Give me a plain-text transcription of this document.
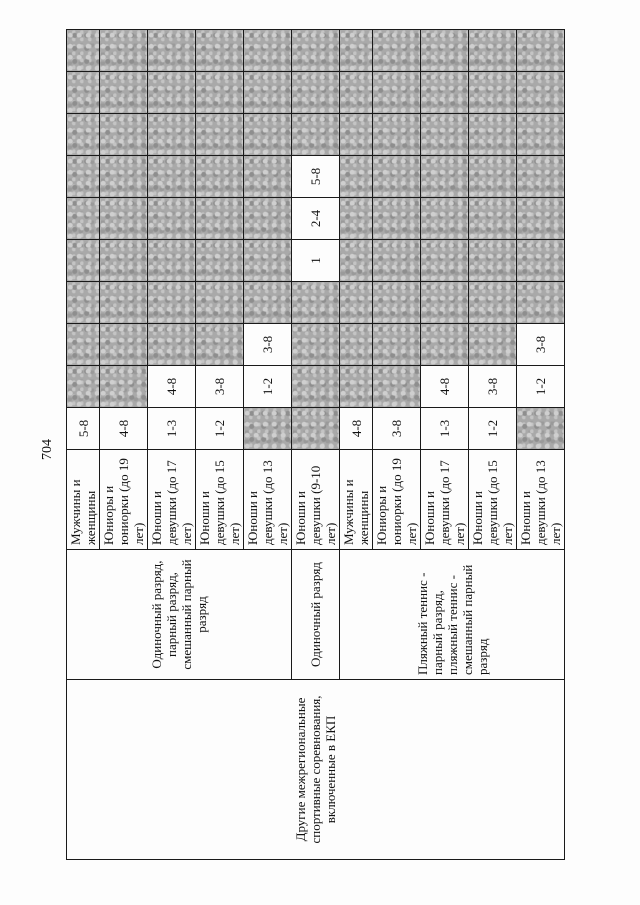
704
Другие межрегиональные спортивные соревнования, включенные в ЕКП	Одиночный разряд, парный разряд, смешанный парный разряд	Мужчины и женщины	5-8									
		Юниоры и юниорки (до 19 лет)	4-8									
		Юноши и девушки (до 17 лет)	1-3	4-8								
		Юноши и девушки (до 15 лет)	1-2	3-8								
		Юноши и девушки (до 13 лет)		1-2	3-8							
	Одиночный разряд	Юноши и девушки (9-10 лет)					1	2-4	5-8			
	Пляжный теннис - парный разряд, пляжный теннис - смешанный парный разряд	Мужчины и женщины	4-8									
		Юниоры и юниорки (до 19 лет)	3-8									
		Юноши и девушки (до 17 лет)	1-3	4-8								
		Юноши и девушки (до 15 лет)	1-2	3-8								
		Юноши и девушки (до 13 лет)		1-2	3-8							
